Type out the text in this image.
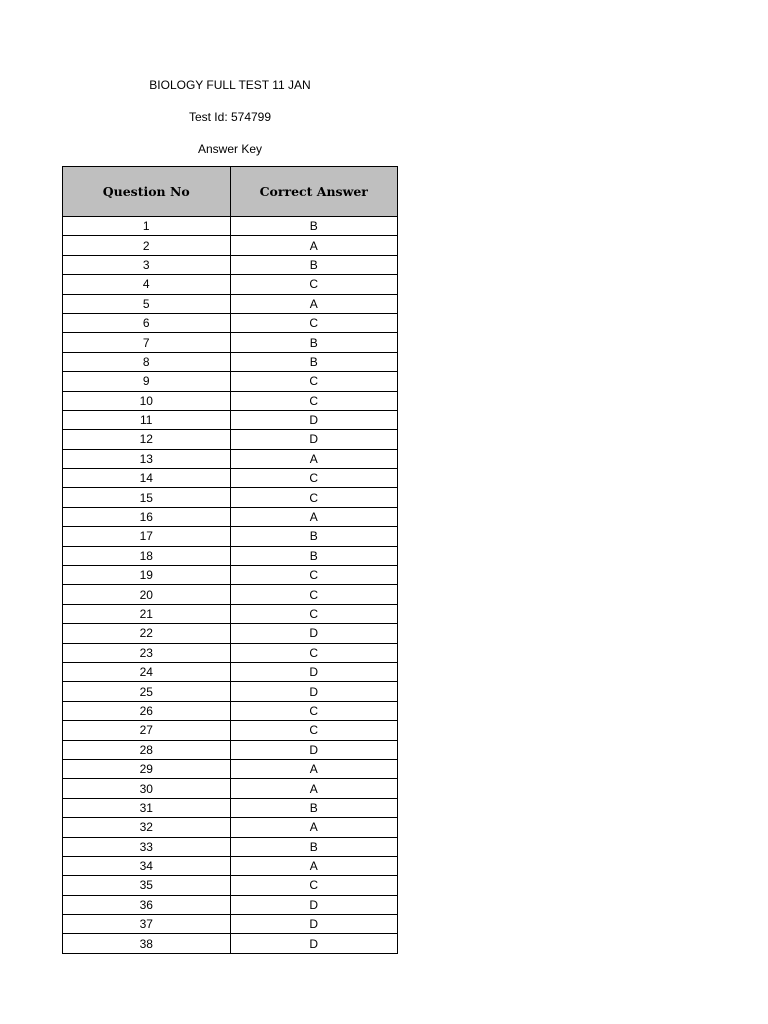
BIOLOGY FULL TEST 11 JAN
Test Id: 574799
Answer Key
Question No	Correct Answer
1	B
2	A
3	B
4	C
5	A
6	C
7	B
8	B
9	C
10	C
11	D
12	D
13	A
14	C
15	C
16	A
17	B
18	B
19	C
20	C
21	C
22	D
23	C
24	D
25	D
26	C
27	C
28	D
29	A
30	A
31	B
32	A
33	B
34	A
35	C
36	D
37	D
38	D
